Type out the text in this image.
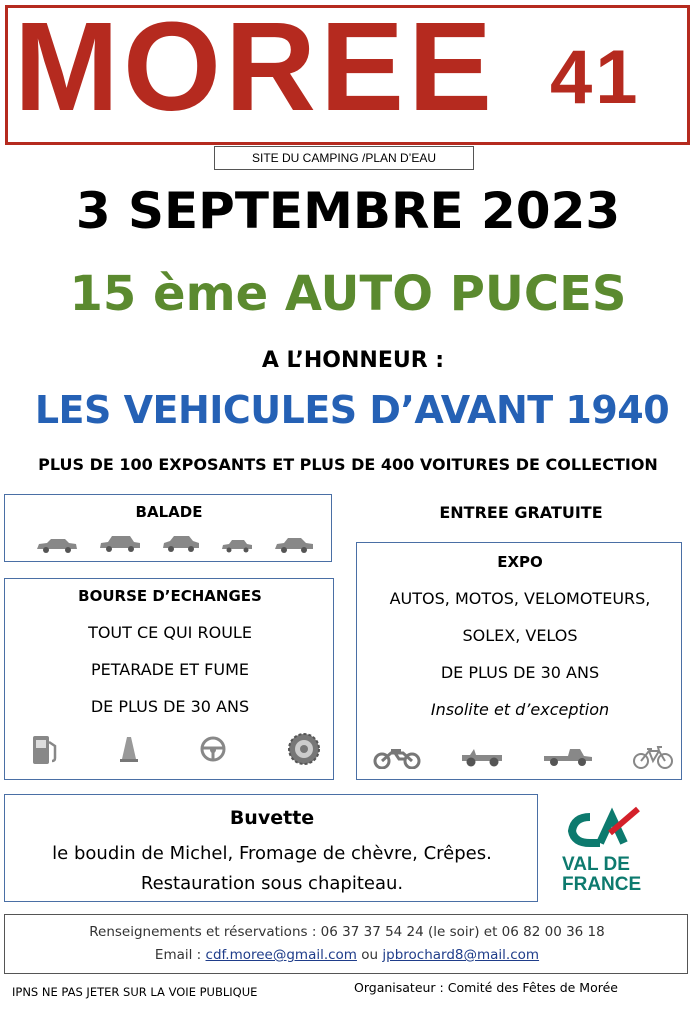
MOREE 41
SITE DU CAMPING /PLAN D’EAU
3 SEPTEMBRE 2023
15 ème AUTO PUCES
A L’HONNEUR :
LES VEHICULES D’AVANT 1940
PLUS DE 100 EXPOSANTS ET PLUS DE 400 VOITURES DE COLLECTION
BALADE	ENTREE GRATUITE
BOURSE D’ECHANGES
TOUT CE QUI ROULE
PETARADE ET FUME
DE PLUS DE 30 ANS
EXPO
AUTOS, MOTOS, VELOMOTEURS,
SOLEX, VELOS
DE PLUS DE 30 ANS
Insolite et d’exception
Buvette
le boudin de Michel, Fromage de chèvre, Crêpes.
Restauration sous chapiteau.
VAL DE
FRANCE
Renseignements et réservations : 06 37 37 54 24 (le soir) et 06 82 00 36 18
Email : cdf.moree@gmail.com ou jpbrochard8@mail.com
IPNS NE PAS JETER SUR LA VOIE PUBLIQUE	Organisateur : Comité des Fêtes de Morée
